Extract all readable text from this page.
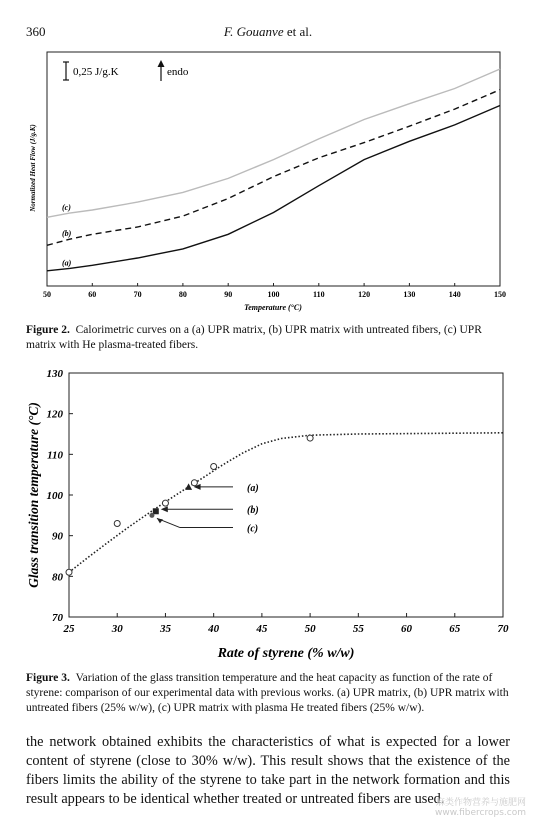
360	F. Gouanve et al.
50	60	70	80	90	100	110	120	130	140	150
(a)
(b)
(c)
0,25 J/g.K	endo
Temperature (°C)
Normalized Heat Flow (J/g.K)
Figure 2. Calorimetric curves on a (a) UPR matrix, (b) UPR matrix with untreated fibers, (c) UPR matrix with He plasma-treated fibers.
25	30	35	40	45	50	55	60	65	70
70
80
90
100
110
120
130
(a)
(b)
(c)
Rate of styrene (% w/w)
Glass transition temperature (°C)
Figure 3. Variation of the glass transition temperature and the heat capacity as function of the rate of styrene: comparison of our experimental data with previous works. (a) UPR matrix, (b) UPR matrix with untreated fibers (25% w/w), (c) UPR matrix with plasma He treated fibers (25% w/w).
the network obtained exhibits the characteristics of what is expected for a lower content of styrene (close to 30% w/w). This result shows that the existence of the fibers limits the ability of the styrene to take part in the network formation and this result appears to be identical whether treated or untreated fibers are used.
麻类作物营养与施肥网
www.fibercrops.com
